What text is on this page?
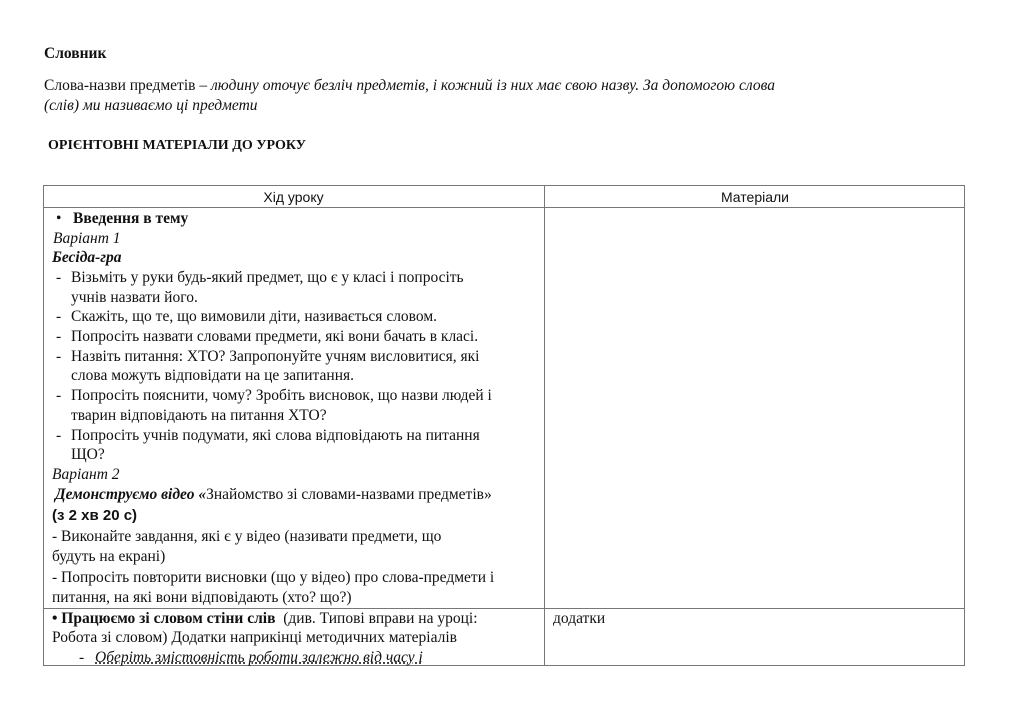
Словник
Слова-назви предметів – людину оточує безліч предметів, і кожний із них має свою назву. За допомогою слова
(слів) ми називаємо ці предмети
ОРІЄНТОВНІ МАТЕРІАЛИ ДО УРОКУ
Хід уроку	Матеріали
• Введення в тему
Варіант 1
Бесіда-гра
- Візьміть у руки будь-який предмет, що є у класі і попросіть
учнів назвати його.
- Скажіть, що те, що вимовили діти, називається словом.
- Попросіть назвати словами предмети, які вони бачать в класі.
- Назвіть питання: ХТО? Запропонуйте учням висловитися, які
слова можуть відповідати на це запитання.
- Попросіть пояснити, чому? Зробіть висновок, що назви людей і
тварин відповідають на питання ХТО?
- Попросіть учнів подумати, які слова відповідають на питання
ЩО?
Варіант 2
Демонструємо відео «Знайомство зі словами-назвами предметів»
(з 2 хв 20 с)
- Виконайте завдання, які є у відео (називати предмети, що
будуть на екрані)
- Попросіть повторити висновки (що у відео) про слова-предмети і
питання, на які вони відповідають (хто? що?)
• Працюємо зі словом стіни слів  (див. Типові вправи на уроці:
Робота зі словом) Додатки наприкінці методичних матеріалів
- Оберіть змістовність роботи залежно від часу і
додатки
